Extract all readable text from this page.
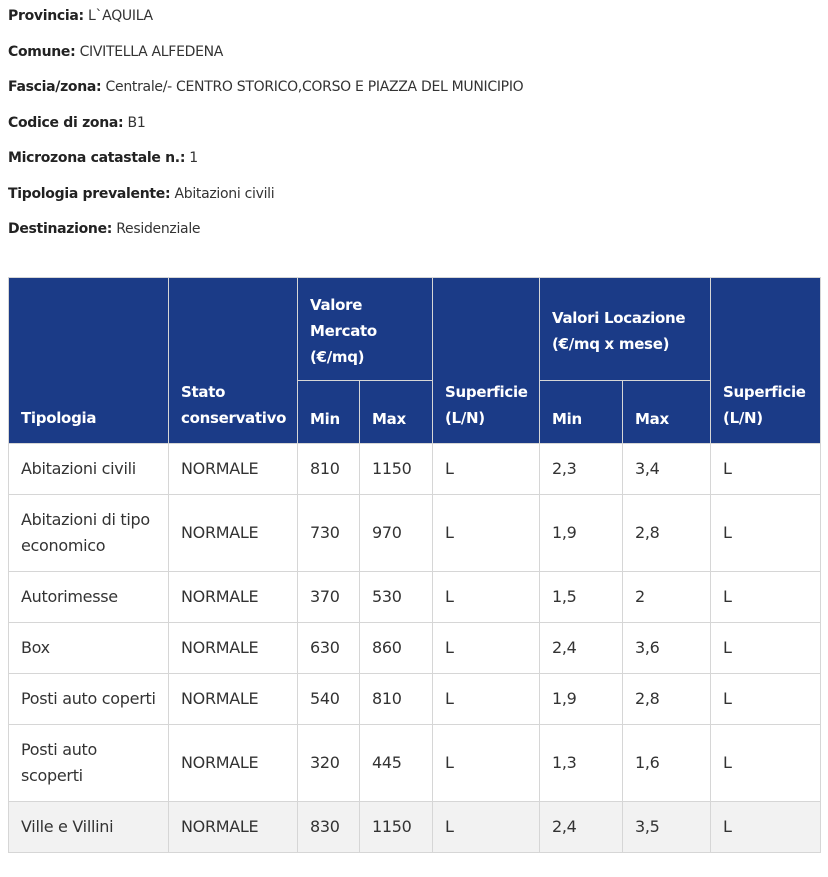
Provincia: L`AQUILA
Comune: CIVITELLA ALFEDENA
Fascia/zona: Centrale/- CENTRO STORICO,CORSO E PIAZZA DEL MUNICIPIO
Codice di zona: B1
Microzona catastale n.: 1
Tipologia prevalente: Abitazioni civili
Destinazione: Residenziale
Tipologia	Stato conservativo	Valore Mercato (€/mq)		Superficie (L/N)	Valori Locazione (€/mq x mese)		Superficie (L/N)
		Min	Max		Min	Max	
Abitazioni civili	NORMALE	810	1150	L	2,3	3,4	L
Abitazioni di tipo economico	NORMALE	730	970	L	1,9	2,8	L
Autorimesse	NORMALE	370	530	L	1,5	2	L
Box	NORMALE	630	860	L	2,4	3,6	L
Posti auto coperti	NORMALE	540	810	L	1,9	2,8	L
Posti auto scoperti	NORMALE	320	445	L	1,3	1,6	L
Ville e Villini	NORMALE	830	1150	L	2,4	3,5	L
